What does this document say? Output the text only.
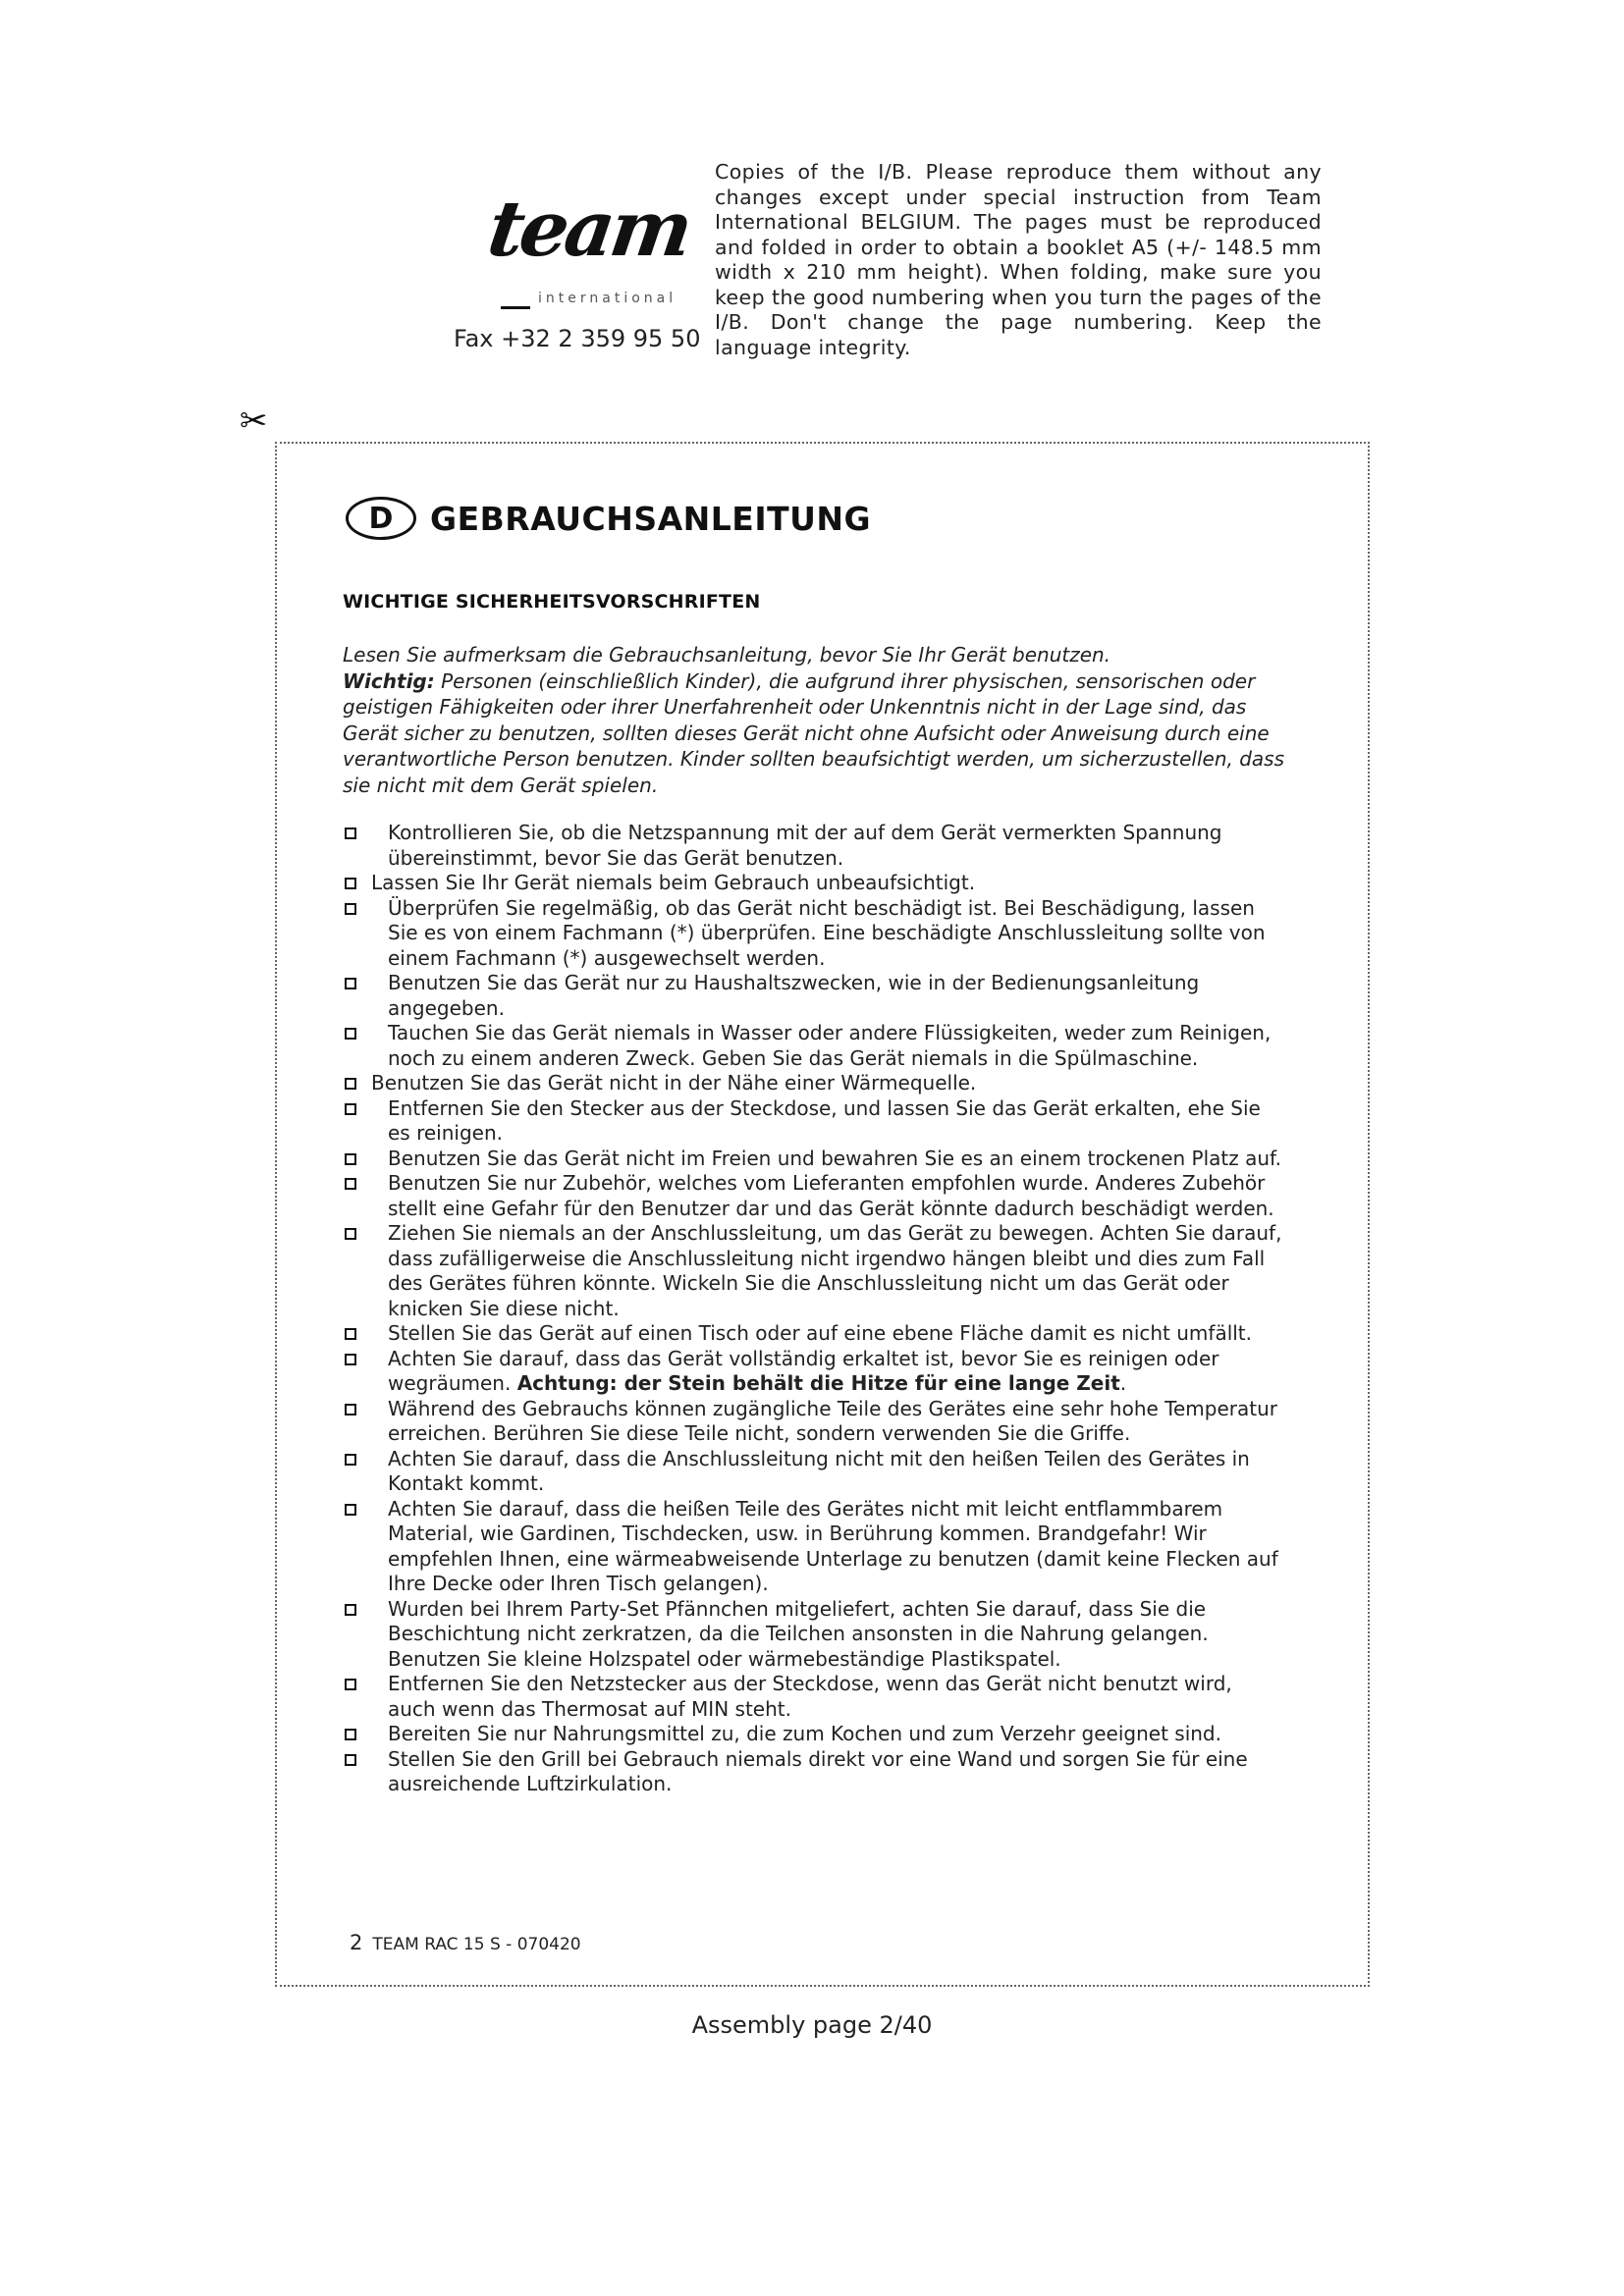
team
international
Fax +32 2 359 95 50
Copies of the I/B. Please reproduce them without any changes except under special instruction from Team International BELGIUM. The pages must be reproduced and folded in order to obtain a booklet A5 (+/- 148.5 mm width x 210 mm height). When folding, make sure you keep the good numbering when you turn the pages of the I/B. Don't change the page numbering. Keep the language integrity.
✂
D	GEBRAUCHSANLEITUNG
WICHTIGE SICHERHEITSVORSCHRIFTEN
Lesen Sie aufmerksam die Gebrauchsanleitung, bevor Sie Ihr Gerät benutzen.
Wichtig: Personen (einschließlich Kinder), die aufgrund ihrer physischen, sensorischen oder geistigen Fähigkeiten oder ihrer Unerfahrenheit oder Unkenntnis nicht in der Lage sind, das Gerät sicher zu benutzen, sollten dieses Gerät nicht ohne Aufsicht oder Anweisung durch eine verantwortliche Person benutzen. Kinder sollten beaufsichtigt werden, um sicherzustellen, dass sie nicht mit dem Gerät spielen.
Kontrollieren Sie, ob die Netzspannung mit der auf dem Gerät vermerkten Spannung übereinstimmt, bevor Sie das Gerät benutzen.
Lassen Sie Ihr Gerät niemals beim Gebrauch unbeaufsichtigt.
Überprüfen Sie regelmäßig, ob das Gerät nicht beschädigt ist. Bei Beschädigung, lassen Sie es von einem Fachmann (*) überprüfen. Eine beschädigte Anschlussleitung sollte von einem Fachmann (*) ausgewechselt werden.
Benutzen Sie das Gerät nur zu Haushaltszwecken, wie in der Bedienungsanleitung angegeben.
Tauchen Sie das Gerät niemals in Wasser oder andere Flüssigkeiten, weder zum Reinigen, noch zu einem anderen Zweck. Geben Sie das Gerät niemals in die Spülmaschine.
Benutzen Sie das Gerät nicht in der Nähe einer Wärmequelle.
Entfernen Sie den Stecker aus der Steckdose, und lassen Sie das Gerät erkalten, ehe Sie es reinigen.
Benutzen Sie das Gerät nicht im Freien und bewahren Sie es an einem trockenen Platz auf.
Benutzen Sie nur Zubehör, welches vom Lieferanten empfohlen wurde. Anderes Zubehör stellt eine Gefahr für den Benutzer dar und das Gerät könnte dadurch beschädigt werden.
Ziehen Sie niemals an der Anschlussleitung, um das Gerät zu bewegen. Achten Sie darauf, dass zufälligerweise die Anschlussleitung nicht irgendwo hängen bleibt und dies zum Fall des Gerätes führen könnte. Wickeln Sie die Anschlussleitung nicht um das Gerät oder knicken Sie diese nicht.
Stellen Sie das Gerät auf einen Tisch oder auf eine ebene Fläche damit es nicht umfällt.
Achten Sie darauf, dass das Gerät vollständig erkaltet ist, bevor Sie es reinigen oder wegräumen. Achtung: der Stein behält die Hitze für eine lange Zeit.
Während des Gebrauchs können zugängliche Teile des Gerätes eine sehr hohe Temperatur erreichen. Berühren Sie diese Teile nicht, sondern verwenden Sie die Griffe.
Achten Sie darauf, dass die Anschlussleitung nicht mit den heißen Teilen des Gerätes in Kontakt kommt.
Achten Sie darauf, dass die heißen Teile des Gerätes nicht mit leicht entflammbarem Material, wie Gardinen, Tischdecken, usw. in Berührung kommen. Brandgefahr! Wir empfehlen Ihnen, eine wärmeabweisende Unterlage zu benutzen (damit keine Flecken auf Ihre Decke oder Ihren Tisch gelangen).
Wurden bei Ihrem Party-Set Pfännchen mitgeliefert, achten Sie darauf, dass Sie die Beschichtung nicht zerkratzen, da die Teilchen ansonsten in die Nahrung gelangen. Benutzen Sie kleine Holzspatel oder wärmebeständige Plastikspatel.
Entfernen Sie den Netzstecker aus der Steckdose, wenn das Gerät nicht benutzt wird, auch wenn das Thermosat auf MIN steht.
Bereiten Sie nur Nahrungsmittel zu, die zum Kochen und zum Verzehr geeignet sind.
Stellen Sie den Grill bei Gebrauch niemals direkt vor eine Wand und sorgen Sie für eine ausreichende Luftzirkulation.
2 TEAM RAC 15 S - 070420
Assembly page 2/40
